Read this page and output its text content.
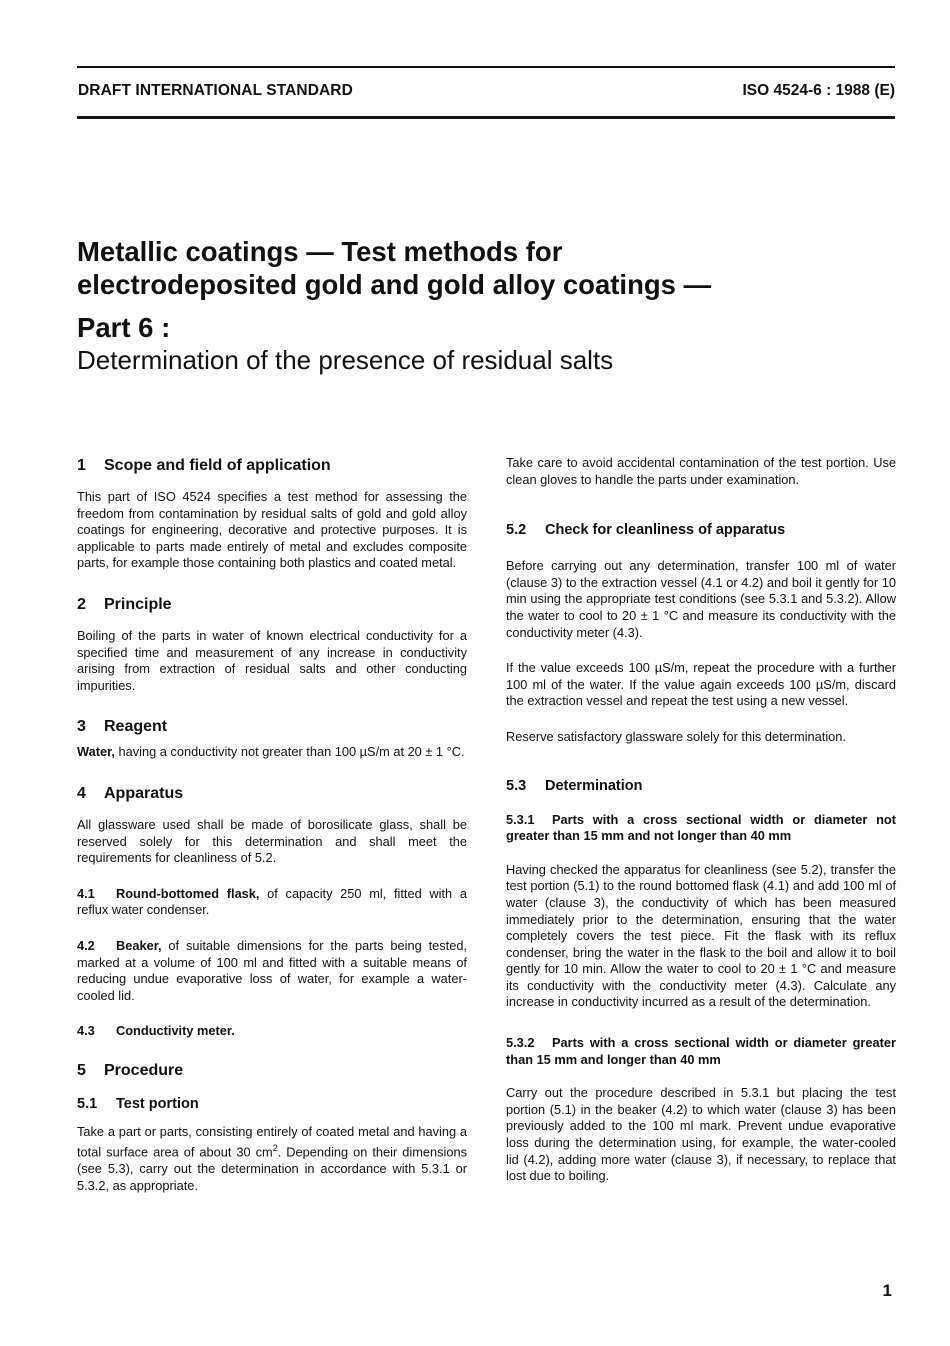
DRAFT INTERNATIONAL STANDARD	ISO 4524-6 : 1988 (E)
Metallic coatings — Test methods for
electrodeposited gold and gold alloy coatings —
Part 6 :
Determination of the presence of residual salts
1 Scope and field of application

This part of ISO 4524 specifies a test method for assessing the freedom from contamination by residual salts of gold and gold alloy coatings for engineering, decorative and protective purposes. It is applicable to parts made entirely of metal and excludes composite parts, for example those containing both plastics and coated metal.

2 Principle

Boiling of the parts in water of known electrical conductivity for a specified time and measurement of any increase in conductivity arising from extraction of residual salts and other conducting impurities.

3 Reagent

Water, having a conductivity not greater than 100 µS/m at 20 ± 1 °C.

4 Apparatus

All glassware used shall be made of borosilicate glass, shall be reserved solely for this determination and shall meet the requirements for cleanliness of 5.2.

4.1 Round-bottomed flask, of capacity 250 ml, fitted with a reflux water condenser.

4.2 Beaker, of suitable dimensions for the parts being tested, marked at a volume of 100 ml and fitted with a suitable means of reducing undue evaporative loss of water, for example a water-cooled lid.

4.3 Conductivity meter.

5 Procedure
5.1 Test portion

Take a part or parts, consisting entirely of coated metal and having a total surface area of about 30 $cm^2$. Depending on their dimensions (see 5.3), carry out the determination in accordance with 5.3.1 or 5.3.2, as appropriate.

Take care to avoid accidental contamination of the test portion. Use clean gloves to handle the parts under examination.

5.2 Check for cleanliness of apparatus

Before carrying out any determination, transfer 100 ml of water (clause 3) to the extraction vessel (4.1 or 4.2) and boil it gently for 10 min using the appropriate test conditions (see 5.3.1 and 5.3.2). Allow the water to cool to 20 ± 1 °C and measure its conductivity with the conductivity meter (4.3).

If the value exceeds 100 µS/m, repeat the procedure with a further 100 ml of the water. If the value again exceeds 100 µS/m, discard the extraction vessel and repeat the test using a new vessel.

Reserve satisfactory glassware solely for this determination.

5.3 Determination
5.3.1 Parts with a cross sectional width or diameter not greater than 15 mm and not longer than 40 mm

Having checked the apparatus for cleanliness (see 5.2), transfer the test portion (5.1) to the round bottomed flask (4.1) and add 100 ml of water (clause 3), the conductivity of which has been measured immediately prior to the determination, ensuring that the water completely covers the test piece. Fit the flask with its reflux condenser, bring the water in the flask to the boil and allow it to boil gently for 10 min. Allow the water to cool to 20 ± 1 °C and measure its conductivity with the conductivity meter (4.3). Calculate any increase in conductivity incurred as a result of the determination.

5.3.2 Parts with a cross sectional width or diameter greater than 15 mm and longer than 40 mm

Carry out the procedure described in 5.3.1 but placing the test portion (5.1) in the beaker (4.2) to which water (clause 3) has been previously added to the 100 ml mark. Prevent undue evaporative loss during the determination using, for example, the water-cooled lid (4.2), adding more water (clause 3), if necessary, to replace that lost due to boiling.

1
